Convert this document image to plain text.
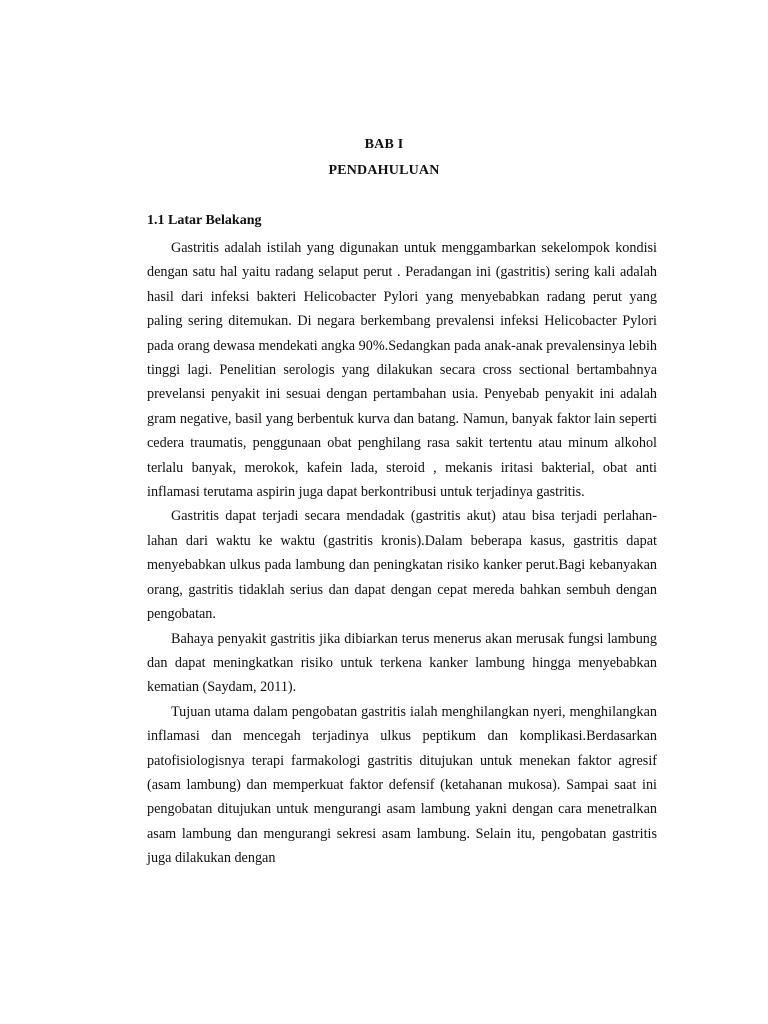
BAB I
PENDAHULUAN
1.1 Latar Belakang

Gastritis adalah istilah yang digunakan untuk menggambarkan sekelompok kondisi dengan satu hal yaitu radang selaput perut . Peradangan ini (gastritis) sering kali adalah hasil dari infeksi bakteri Helicobacter Pylori yang menyebabkan radang perut yang paling sering ditemukan. Di negara berkembang prevalensi infeksi Helicobacter Pylori pada orang dewasa mendekati angka 90%.Sedangkan pada anak-anak prevalensinya lebih tinggi lagi. Penelitian serologis yang dilakukan secara cross sectional bertambahnya prevelansi penyakit ini sesuai dengan pertambahan usia. Penyebab penyakit ini adalah gram negative, basil yang berbentuk kurva dan batang. Namun, banyak faktor lain seperti cedera traumatis, penggunaan obat penghilang rasa sakit tertentu atau minum alkohol terlalu banyak, merokok, kafein lada, steroid , mekanis iritasi bakterial, obat anti inflamasi terutama aspirin juga dapat berkontribusi untuk terjadinya gastritis.

Gastritis dapat terjadi secara mendadak (gastritis akut) atau bisa terjadi perlahan-lahan dari waktu ke waktu (gastritis kronis).Dalam beberapa kasus, gastritis dapat menyebabkan ulkus pada lambung dan peningkatan risiko kanker perut.Bagi kebanyakan orang, gastritis tidaklah serius dan dapat dengan cepat mereda bahkan sembuh dengan pengobatan.

Bahaya penyakit gastritis jika dibiarkan terus menerus akan merusak fungsi lambung dan dapat meningkatkan risiko untuk terkena kanker lambung hingga menyebabkan kematian (Saydam, 2011).

Tujuan utama dalam pengobatan gastritis ialah menghilangkan nyeri, menghilangkan inflamasi dan mencegah terjadinya ulkus peptikum dan komplikasi.Berdasarkan patofisiologisnya terapi farmakologi gastritis ditujukan untuk menekan faktor agresif (asam lambung) dan memperkuat faktor defensif (ketahanan mukosa). Sampai saat ini pengobatan ditujukan untuk mengurangi asam lambung yakni dengan cara menetralkan asam lambung dan mengurangi sekresi asam lambung. Selain itu, pengobatan gastritis juga dilakukan dengan
